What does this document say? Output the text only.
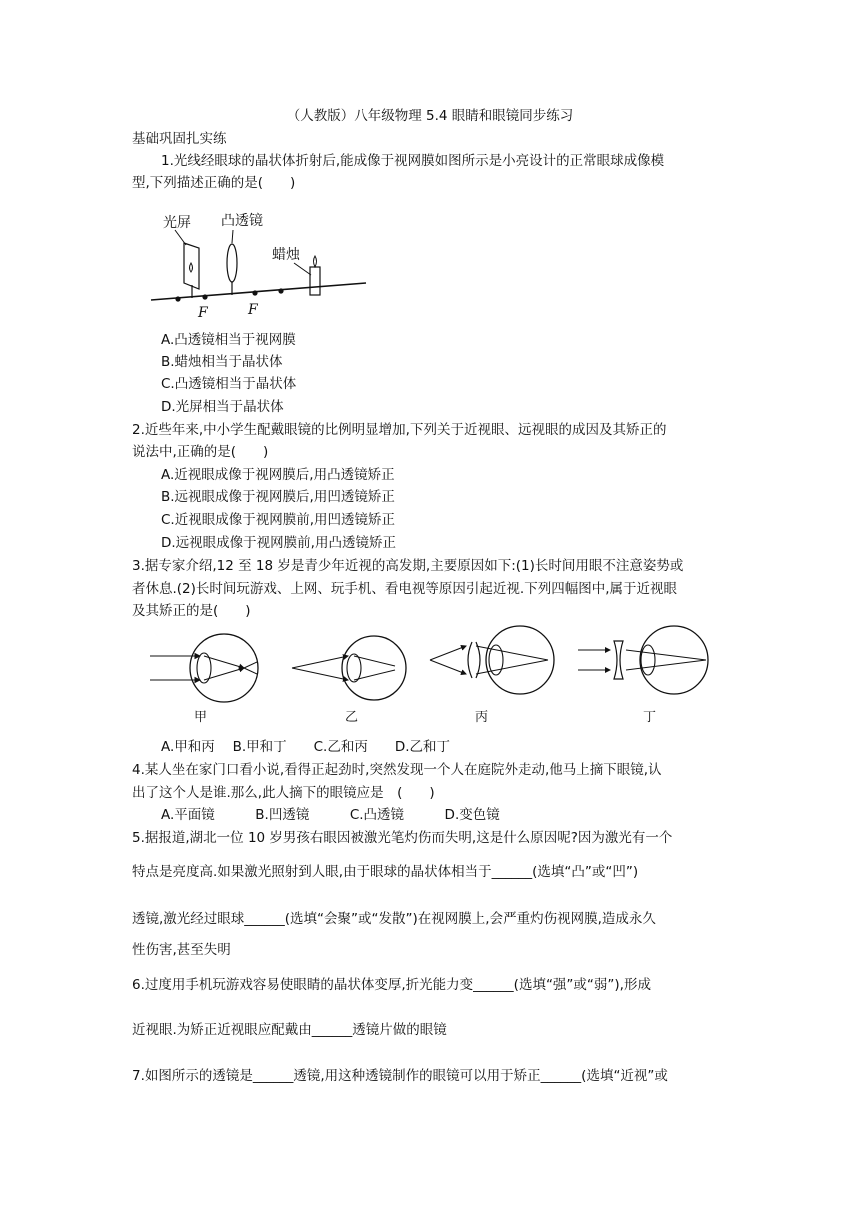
（人教版）八年级物理 5.4 眼睛和眼镜同步练习
基础巩固扎实练
1.光线经眼球的晶状体折射后,能成像于视网膜如图所示是小亮设计的正常眼球成像模
型,下列描述正确的是(　　)
光屏 凸透镜
蜡烛
F	F
A.凸透镜相当于视网膜
B.蜡烛相当于晶状体
C.凸透镜相当于晶状体
D.光屏相当于晶状体
2.近些年来,中小学生配戴眼镜的比例明显增加,下列关于近视眼、远视眼的成因及其矫正的
说法中,正确的是(　　)
A.近视眼成像于视网膜后,用凸透镜矫正
B.远视眼成像于视网膜后,用凹透镜矫正
C.近视眼成像于视网膜前,用凹透镜矫正
D.远视眼成像于视网膜前,用凸透镜矫正
3.据专家介绍,12 至 18 岁是青少年近视的高发期,主要原因如下:(1)长时间用眼不注意姿势或
者休息.(2)长时间玩游戏、上网、玩手机、看电视等原因引起近视.下列四幅图中,属于近视眼
及其矫正的是(　　)
甲	乙	丙	丁
A.甲和丙　 B.甲和丁　　C.乙和丙　　D.乙和丁
4.某人坐在家门口看小说,看得正起劲时,突然发现一个人在庭院外走动,他马上摘下眼镜,认
出了这个人是谁.那么,此人摘下的眼镜应是　(　　)
A.平面镜　　　B.凹透镜　　　C.凸透镜　　　D.变色镜
5.据报道,湖北一位 10 岁男孩右眼因被激光笔灼伤而失明,这是什么原因呢?因为激光有一个
特点是亮度高.如果激光照射到人眼,由于眼球的晶状体相当于______(选填“凸”或“凹”)
透镜,激光经过眼球______(选填“会聚”或“发散”)在视网膜上,会严重灼伤视网膜,造成永久
性伤害,甚至失明
6.过度用手机玩游戏容易使眼睛的晶状体变厚,折光能力变______(选填“强”或“弱”),形成
近视眼.为矫正近视眼应配戴由______透镜片做的眼镜
7.如图所示的透镜是______透镜,用这种透镜制作的眼镜可以用于矫正______(选填“近视”或
